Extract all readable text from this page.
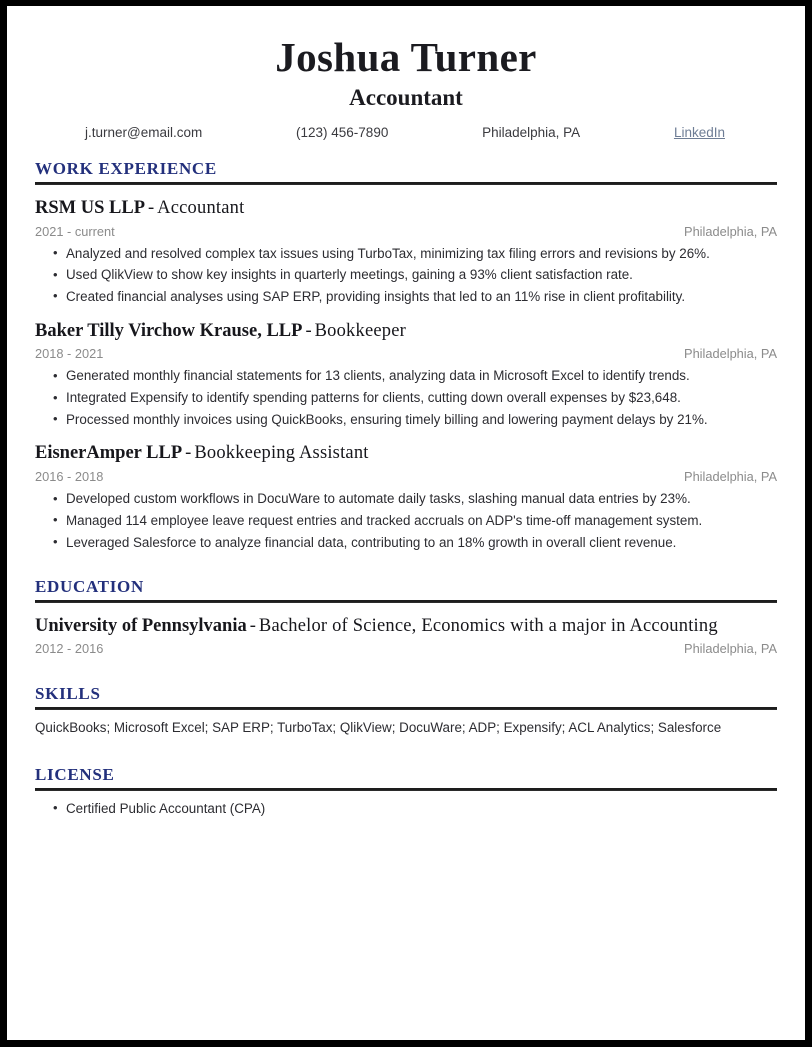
Joshua Turner
Accountant
j.turner@email.com	(123) 456-7890	Philadelphia, PA	LinkedIn
WORK EXPERIENCE
RSM US LLP - Accountant
2021 - current	Philadelphia, PA
• Analyzed and resolved complex tax issues using TurboTax, minimizing tax filing errors and revisions by 26%.
• Used QlikView to show key insights in quarterly meetings, gaining a 93% client satisfaction rate.
• Created financial analyses using SAP ERP, providing insights that led to an 11% rise in client profitability.
Baker Tilly Virchow Krause, LLP - Bookkeeper
2018 - 2021	Philadelphia, PA
• Generated monthly financial statements for 13 clients, analyzing data in Microsoft Excel to identify trends.
• Integrated Expensify to identify spending patterns for clients, cutting down overall expenses by $23,648.
• Processed monthly invoices using QuickBooks, ensuring timely billing and lowering payment delays by 21%.
EisnerAmper LLP - Bookkeeping Assistant
2016 - 2018	Philadelphia, PA
• Developed custom workflows in DocuWare to automate daily tasks, slashing manual data entries by 23%.
• Managed 114 employee leave request entries and tracked accruals on ADP's time-off management system.
• Leveraged Salesforce to analyze financial data, contributing to an 18% growth in overall client revenue.
EDUCATION
University of Pennsylvania - Bachelor of Science, Economics with a major in Accounting
2012 - 2016	Philadelphia, PA
SKILLS

QuickBooks; Microsoft Excel; SAP ERP; TurboTax; QlikView; DocuWare; ADP; Expensify; ACL Analytics; Salesforce

LICENSE
• Certified Public Accountant (CPA)
